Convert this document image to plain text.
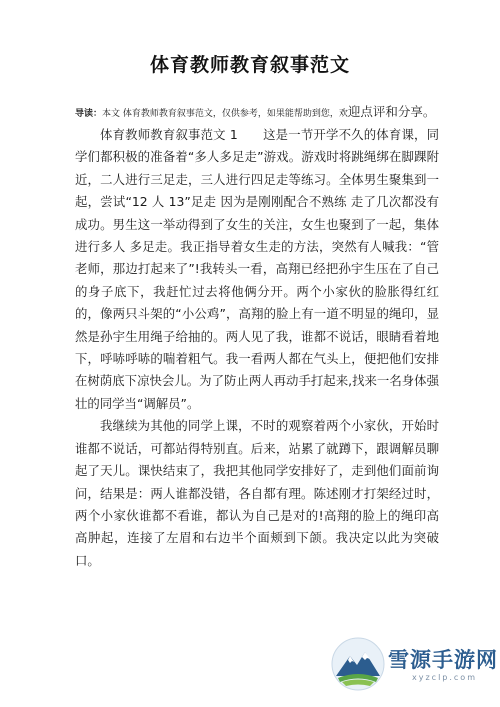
体育教师教育叙事范文
导读：本文 体育教师教育叙事范文，仅供参考，如果能帮助到您，欢迎点评和分享。

体育教师教育叙事范文 1　　这是一节开学不久的体育课，同学们都积极的准备着“多人多足走”游戏。游戏时将跳绳绑在脚踝附近，二人进行三足走，三人进行四足走等练习。全体男生聚集到一起，尝试“12 人 13”足走 因为是刚刚配合不熟练 走了几次都没有成功。男生这一举动得到了女生的关注，女生也聚到了一起，集体进行多人 多足走。我正指导着女生走的方法，突然有人喊我：“管老师，那边打起来了”!我转头一看，高翔已经把孙宇生压在了自己的身子底下，我赶忙过去将他俩分开。两个小家伙的脸胀得红红的，像两只斗架的“小公鸡”，高翔的脸上有一道不明显的绳印，显然是孙宇生用绳子给抽的。两人见了我，谁都不说话，眼睛看着地下，呼哧呼哧的喘着粗气。我一看两人都在气头上，便把他们安排在树荫底下凉快会儿。为了防止两人再动手打起来,找来一名身体强壮的同学当“调解员”。

我继续为其他的同学上课，不时的观察着两个小家伙，开始时谁都不说话，可都站得特别直。后来，站累了就蹲下，跟调解员聊起了天儿。课快结束了，我把其他同学安排好了，走到他们面前询问，结果是：两人谁都没错，各自都有理。陈述刚才打架经过时，两个小家伙谁都不看谁，都认为自己是对的!高翔的脸上的绳印高高肿起，连接了左眉和右边半个面颊到下颌。我决定以此为突破口。

雪源手游网
xyzclp.com
